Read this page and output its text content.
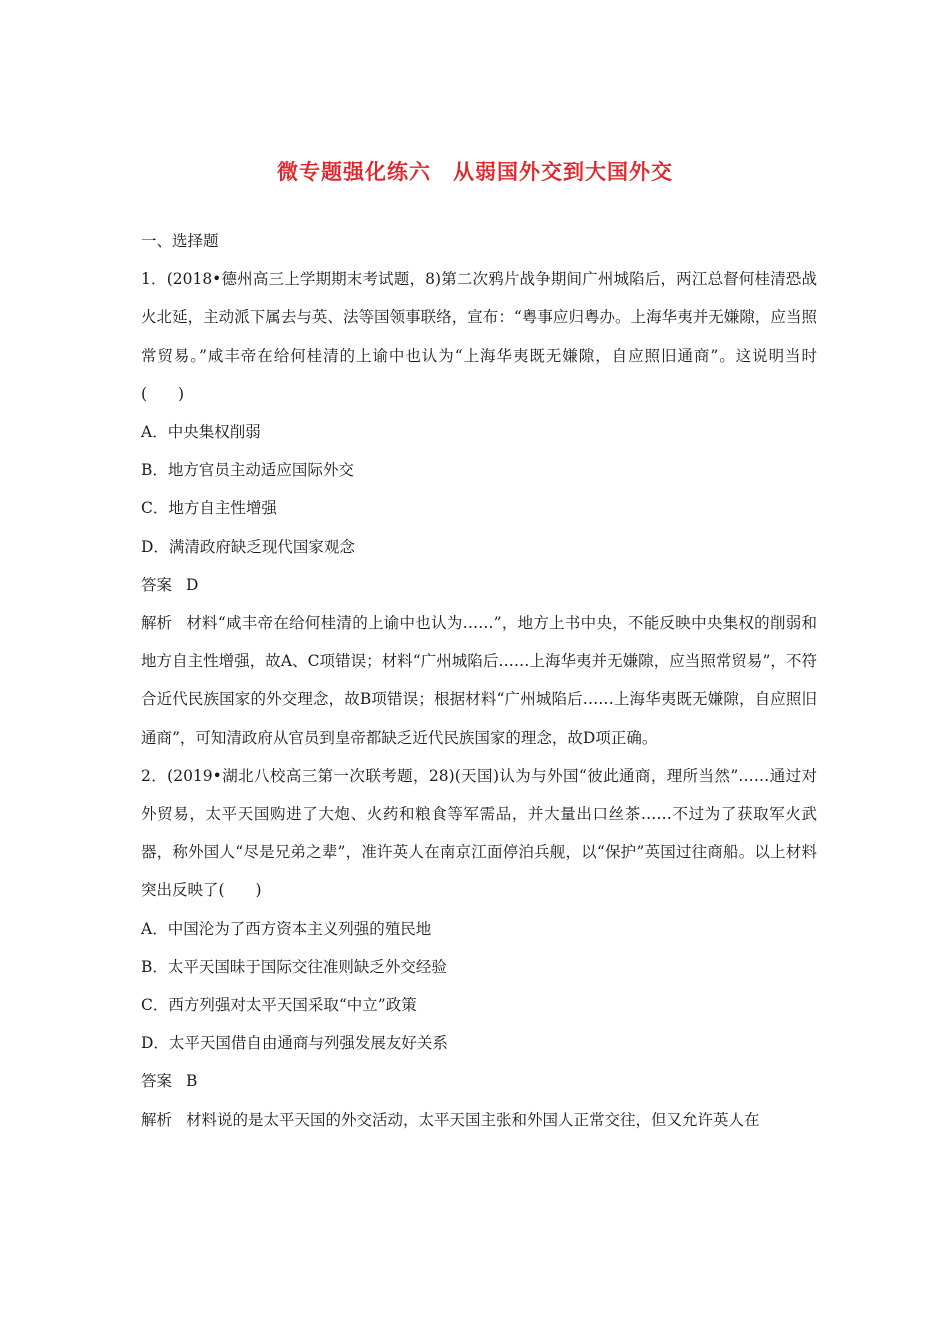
微专题强化练六 从弱国外交到大国外交

一、选择题

1．(2018•德州高三上学期期末考试题，8)第二次鸦片战争期间广州城陷后，两江总督何桂清恐战火北延，主动派下属去与英、法等国领事联络，宣布：“粤事应归粤办。上海华夷并无嫌隙，应当照常贸易。”咸丰帝在给何桂清的上谕中也认为“上海华夷既无嫌隙，自应照旧通商”。这说明当时(　　)

A．中央集权削弱

B．地方官员主动适应国际外交

C．地方自主性增强

D．满清政府缺乏现代国家观念

答案 D

解析 材料“咸丰帝在给何桂清的上谕中也认为……”，地方上书中央，不能反映中央集权的削弱和地方自主性增强，故A、C项错误；材料“广州城陷后……上海华夷并无嫌隙，应当照常贸易”，不符合近代民族国家的外交理念，故B项错误；根据材料“广州城陷后……上海华夷既无嫌隙，自应照旧通商”，可知清政府从官员到皇帝都缺乏近代民族国家的理念，故D项正确。

2．(2019•湖北八校高三第一次联考题，28)(天国)认为与外国“彼此通商，理所当然”……通过对外贸易，太平天国购进了大炮、火药和粮食等军需品，并大量出口丝茶……不过为了获取军火武器，称外国人“尽是兄弟之辈”，准许英人在南京江面停泊兵舰，以“保护”英国过往商船。以上材料突出反映了(　　)

A．中国沦为了西方资本主义列强的殖民地

B．太平天国昧于国际交往准则缺乏外交经验

C．西方列强对太平天国采取“中立”政策

D．太平天国借自由通商与列强发展友好关系

答案 B

解析 材料说的是太平天国的外交活动，太平天国主张和外国人正常交往，但又允许英人在
